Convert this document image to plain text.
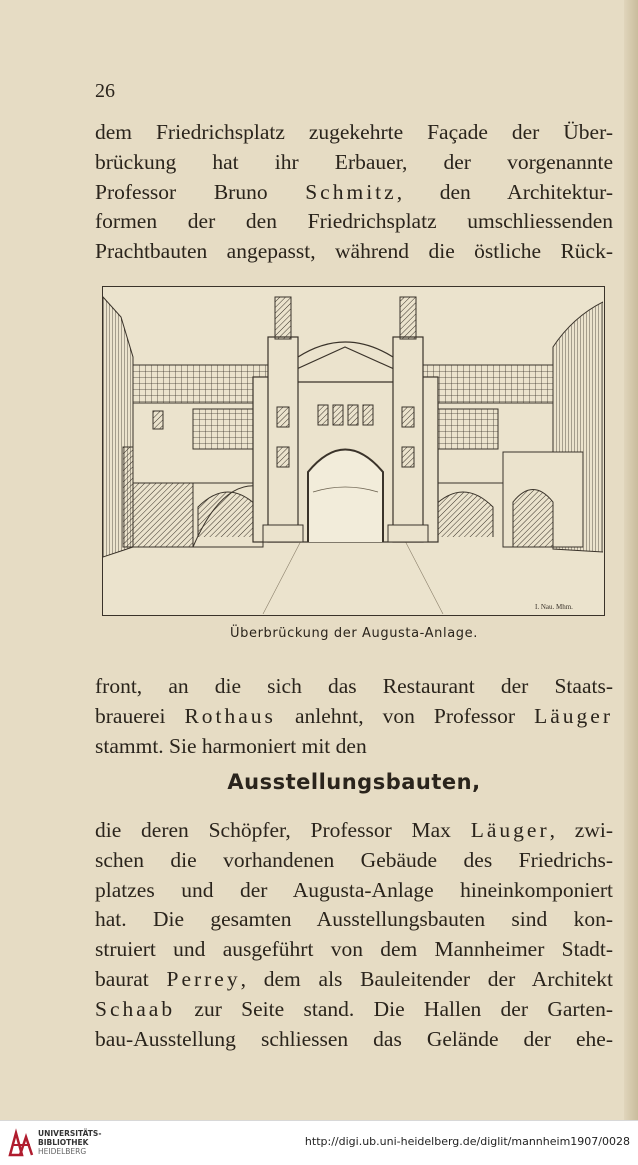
26
dem Friedrichsplatz zugekehrte Façade der Über-
brückung hat ihr Erbauer, der vorgenannte
Professor Bruno Schmitz, den Architektur-
formen der den Friedrichsplatz umschliessenden
Prachtbauten angepasst, während die östliche Rück-
I. Nau. Mhm.
Überbrückung der Augusta-Anlage.
front, an die sich das Restaurant der Staats-
brauerei Rothaus anlehnt, von Professor Läuger
stammt. Sie harmoniert mit den
Ausstellungsbauten,
die deren Schöpfer, Professor Max Läuger, zwi-
schen die vorhandenen Gebäude des Friedrichs-
platzes und der Augusta-Anlage hineinkomponiert
hat. Die gesamten Ausstellungsbauten sind kon-
struiert und ausgeführt von dem Mannheimer Stadt-
baurat Perrey, dem als Bauleitender der Architekt
Schaab zur Seite stand. Die Hallen der Garten-
bau-Ausstellung schliessen das Gelände der ehe-
UNIVERSITÄTS-
BIBLIOTHEK
HEIDELBERG
http://digi.ub.uni-heidelberg.de/diglit/mannheim1907/0028
